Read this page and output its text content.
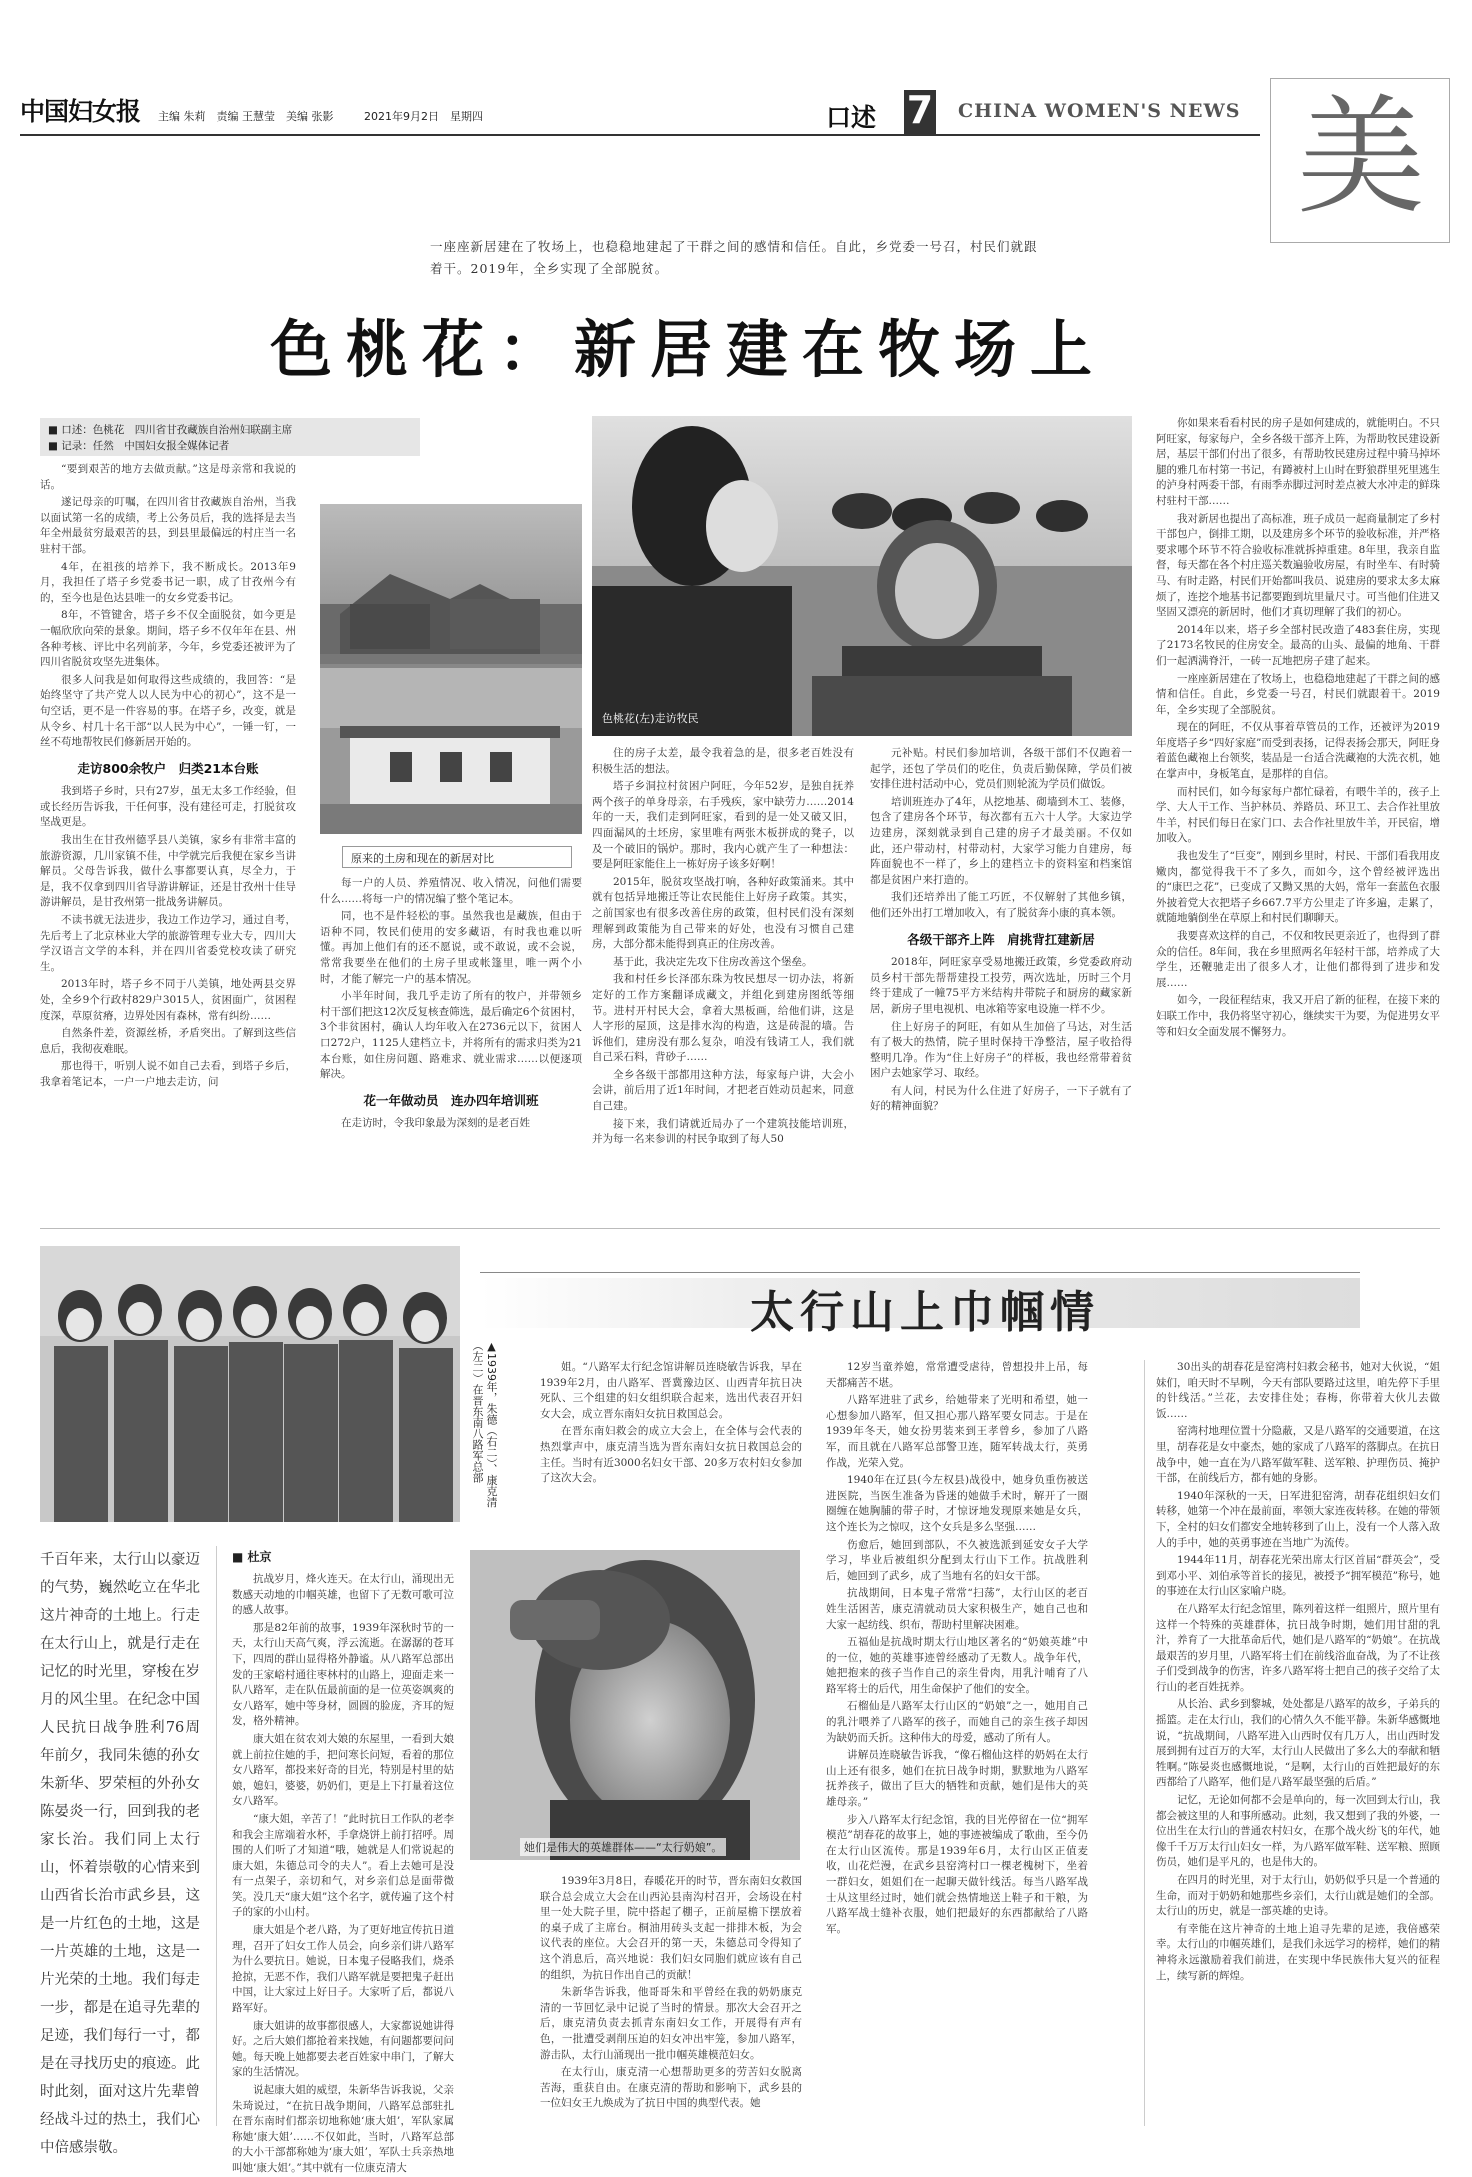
中国妇女报 主编 朱莉　责编 王慧莹　美编 张影	2021年9月2日　星期四	口述 7 CHINA WOMEN'S NEWS 美
一座座新居建在了牧场上，也稳稳地建起了干群之间的感情和信任。自此，乡党委一号召，村民们就跟着干。2019年，全乡实现了全部脱贫。
色桃花：新居建在牧场上
■ 口述：色桃花　四川省甘孜藏族自治州妇联副主席
■ 记录：任然　中国妇女报全媒体记者

“要到艰苦的地方去做贡献。”这是母亲常和我说的话。

遂记母亲的叮嘱，在四川省甘孜藏族自治州，当我以面试第一名的成绩，考上公务员后，我的选择是去当年全州最贫穷最艰苦的县，到县里最偏远的村庄当一名驻村干部。

4年，在祖孩的培养下，我不断成长。2013年9月，我担任了塔子乡党委书记一职，成了甘孜州今有的，至今也是色达县唯一的女乡党委书记。

8年，不管键舍，塔子乡不仅全面脱贫，如今更是一幅欣欣向荣的景象。期间，塔子乡不仅年年在县、州各种考核、评比中名列前茅，今年，乡党委还被评为了四川省脱贫攻坚先进集体。

很多人问我是如何取得这些成绩的，我回答：“是始终坚守了共产党人以人民为中心的初心”，这不是一句空话，更不是一件容易的事。在塔子乡，改变，就是从令乡、村几十名干部“以人民为中心”，一锤一钉，一丝不苟地帮牧民们修新居开始的。

走访800余牧户　归类21本台账

我到塔子乡时，只有27岁，虽无太多工作经验，但或长经历告诉我，干任何事，没有建径可走，打脱贫攻坚战更是。

我出生在甘孜州德孚县八美镇，家乡有非常丰富的旅游资源，几川家镇不佳，中学就完后我便在家乡当讲解员。父母告诉我，做什么事都要认真，尽全力，于是，我不仅拿到四川省导游讲解证，还是甘孜州十佳导游讲解员，是甘孜州第一批战务讲解员。

不读书就无法进步，我边工作边学习，通过自考，先后考上了北京林业大学的旅游管理专业大专，四川大学汉语言文学的本科，并在四川省委党校攻读了研究生。

2013年时，塔子乡不同于八美镇，地处两县交界处，全乡9个行政村829户3015人，贫困面广，贫困程度深，草原贫瘠，边界处因有森林，常有纠纷……

自然条件差，资源丝桥，矛盾突出。了解到这些信息后，我彻夜难眠。

那也得干，听别人说不如自己去看，到塔子乡后，我拿着笔记本，一户一户地去走访，问

原来的土房和现在的新居对比
色桃花(左)走访牧民

每一户的人员、养殖情况、收入情况，问他们需要什么……将每一户的情况编了整个笔记本。

同，也不是件轻松的事。虽然我也是藏族，但由于语种不同，牧民们使用的安多藏语，有时我也难以听懂。再加上他们有的还不愿说，或不敢说，或不会说，常常我要坐在他们的土房子里或帐篷里，唯一两个小时，才能了解完一户的基本情况。

小半年时间，我几乎走访了所有的牧户，并带领乡村干部们把这12次反复核查筛选，最后确定6个贫困村，3个非贫困村，确认人均年收入在2736元以下，贫困人口272户，1125人建档立卡，并将所有的需求归类为21本台账，如住房问题、路难求、就业需求……以便逐项解决。

花一年做动员　连办四年培训班

在走访时，令我印象最为深刻的是老百姓

住的房子太差，最令我着急的是，很多老百姓没有积极生活的想法。

塔子乡洞拉村贫困户阿旺，今年52岁，是独自抚养两个孩子的单身母亲，右手残疾，家中缺劳力……2014年的一天，我们走到阿旺家，看到的是一处又破又旧，四面漏风的土坯房，家里唯有两张木板拼成的凳子，以及一个破旧的锅炉。那时，我内心就产生了一种想法：要是阿旺家能住上一栋好房子该多好啊！

2015年，脱贫攻坚战打响，各种好政策涌来。其中就有包括异地搬迁等让农民能住上好房子政策。其实，之前国家也有很多改善住房的政策，但村民们没有深刻理解到政策能为自己带来的好处，也没有习惯自己建房，大部分都未能得到真正的住房改善。

基于此，我决定先攻下住房改善这个堡垒。

我和村任乡长泽邵东珠为牧民想尽一切办法，将新定好的工作方案翻译成藏文，并组化到建房图纸等细节。进村开村民大会，拿着大黑板画，给他们讲，这是人字形的屋顶，这是排水沟的构造，这是砖混的墙。告诉他们，建房没有那么复杂，咱没有钱请工人，我们就自己采石料，背砂子……

全乡各级干部都用这种方法，每家每户讲，大会小会讲，前后用了近1年时间，才把老百姓动员起来，同意自己建。

接下来，我们请就近局办了一个建筑技能培训班，并为每一名来参训的村民争取到了每人50

元补贴。村民们参加培训，各级干部们不仅跑着一起学，还包了学员们的吃住，负责后勤保障，学员们被安排住进村活动中心，党员们则轮流为学员们做饭。

培训班连办了4年，从挖地基、砌墙到木工、装修，包含了建房各个环节，每次都有五六十人学。大家边学边建房，深刻就录到自己建的房子才最美丽。不仅如此，还户带动村，村带动村，大家学习能力自建房，每阵面貌也不一样了，乡上的建档立卡的资料室和档案馆都是贫困户来打造的。

我们还培养出了能工巧匠，不仅解射了其他乡镇，他们还外出打工增加收入，有了脱贫奔小康的真本领。

各级干部齐上阵　肩挑背扛建新居

2018年，阿旺家享受易地搬迁政策，乡党委政府动员乡村干部先帮帮建投工投劳，两次选址，历时三个月终于建成了一幢75平方米结构井带院子和厨房的藏家新居，新房子里电视机、电冰箱等家电设施一样不少。

住上好房子的阿旺，有如从生加倍了马达，对生活有了极大的热情，院子里时保持干净整洁，屋子收拾得整明几净。作为“住上好房子”的样板，我也经常带着贫困户去她家学习、取经。

有人问，村民为什么住进了好房子，一下子就有了好的精神面貌？

你如果来看看村民的房子是如何建成的，就能明白。不只阿旺家，每家每户，全乡各级干部齐上阵，为帮助牧民建设新居，基层干部们付出了很多，有帮助牧民建房过程中骑马掉坏腿的雅几布村第一书记，有蹲被村上山时在野狼群里死里逃生的泸身村两委干部，有雨季赤脚过河时差点被大水冲走的鲜珠村驻村干部……

我对新居也提出了高标准，班子成员一起商量制定了乡村干部包户，倒排工期，以及建房多个环节的验收标准，并严格要求哪个环节不符合验收标准就拆掉重建。8年里，我亲自监督，每天都在各个村庄巡关数遍验收房屋，有时坐车、有时骑马、有时走路，村民们开始都叫我员、说建房的要求太多太麻烦了，连挖个地基书记都要跑到坑里量尺寸。可当他们住进又坚固又漂亮的新居时，他们才真切理解了我们的初心。

2014年以来，塔子乡全部村民改造了483套住房，实现了2173名牧民的住房安全。最高的山头、最偏的地角、干群们一起洒满脊汗，一砖一瓦地把房子建了起来。

一座座新居建在了牧场上，也稳稳地建起了干群之间的感情和信任。自此，乡党委一号召，村民们就跟着干。2019年，全乡实现了全部脱贫。

现在的阿旺，不仅从事着草管员的工作，还被评为2019年度塔子乡“四好家庭”而受到表扬，记得表扬会那天，阿旺身着蓝色藏袍上台领奖，装品是一台适合洗藏袍的大洗衣机，她在掌声中，身板笔直，是那样的自信。

而村民们，如今每家每户都忙碌着，有喂牛羊的，孩子上学、大人干工作、当护林员、养路员、环卫工、去合作社里放牛羊，村民们每日在家门口、去合作社里放牛羊，开民宿，增加收入。

我也发生了“巨变”，刚到乡里时，村民、干部们看我用皮嫩肉，都觉得我干不了多久，而如今，这个曾经被评选出的“康巴之花”，已变成了又黝又黑的大妈，常年一套蓝色衣服外披着党大衣把塔子乡667.7平方公里走了许多遍，走累了，就随地躺倒坐在草原上和村民们聊聊天。

我要喜欢这样的自己，不仅和牧民更亲近了，也得到了群众的信任。8年间，我在乡里照两名年轻村干部，培养成了大学生，还鞭驰走出了很多人才，让他们都得到了进步和发展……

如今，一段征程结束，我又开启了新的征程，在接下来的妇联工作中，我仍将坚守初心，继续实干为要，为促进男女平等和妇女全面发展不懈努力。

▲1939年，朱德（右二）、康克清（左二）在晋东南八路军总部
太行山上巾帼情
千百年来，太行山以豪迈的气势，巍然屹立在华北这片神奇的土地上。行走在太行山上，就是行走在记忆的时光里，穿梭在岁月的风尘里。在纪念中国人民抗日战争胜利76周年前夕，我同朱德的孙女朱新华、罗荣桓的外孙女陈晏炎一行，回到我的老家长治。我们同上太行山，怀着崇敬的心情来到山西省长治市武乡县，这是一片红色的土地，这是一片英雄的土地，这是一片光荣的土地。我们每走一步，都是在追寻先辈的足迹，我们每行一寸，都是在寻找历史的痕迹。此时此刻，面对这片先辈曾经战斗过的热土，我们心中倍感崇敬。
■ 杜京

抗战岁月，烽火连天。在太行山，涌现出无数感天动地的巾帼英雄，也留下了无数可歌可泣的感人故事。

那是82年前的故事，1939年深秋时节的一天，太行山天高气爽，浮云流逝。在潺潺的苍耳下，四周的群山显得格外静谧。从八路军总部出发的王家峪村通往枣林村的山路上，迎面走来一队八路军，走在队伍最前面的是一位英姿飒爽的女八路军，她中等身材，圆圆的脸庞，齐耳的短发，格外精神。

康大姐在贫农刘大娘的东屋里，一看到大娘就上前拉住她的手，把问寒长问短，看着的那位女八路军，都投来好奇的目光，特别是村里的姑娘，媳妇，婆婆，奶奶们，更是上下打量着这位女八路军。

“康大姐，辛苦了！”此时抗日工作队的老李和我会主席端着水杯，手拿烧饼上前打招呼。周围的人们听了才知道“哦，她就是人们常说起的康大姐，朱德总司令的夫人”。看上去她可是没有一点架子，亲切和气，对乡亲们总是面带微笑。没几天“康大姐”这个名字，就传遍了这个村子的家的小山村。

康大姐是个老八路，为了更好地宣传抗日道理，召开了妇女工作人员会，向乡亲们讲八路军为什么要抗日。她说，日本鬼子侵略我们，烧杀抢掠，无恶不作，我们八路军就是要把鬼子赶出中国，让大家过上好日子。大家听了后，都说八路军好。

康大姐讲的故事都很感人，大家都说她讲得好。之后大娘们都抢着来找她，有问题都要问问她。每天晚上她都要去老百姓家中串门，了解大家的生活情况。

说起康大姐的威望，朱新华告诉我说，父亲朱琦说过，“在抗日战争期间，八路军总部驻扎在晋东南时们都亲切地称她‘康大姐’，军队家属称她‘康大姐’……不仅如此，当时，八路军总部的大小干部都称她为‘康大姐’，军队士兵亲热地叫她‘康大姐’。”其中就有一位康克清大

姐。“八路军太行纪念馆讲解员连晓敏告诉我，早在1939年2月，由八路军、晋冀豫边区、山西青年抗日决死队、三个组建的妇女组织联合起来，选出代表召开妇女大会，成立晋东南妇女抗日救国总会。

在晋东南妇救会的成立大会上，在全体与会代表的热烈掌声中，康克清当选为晋东南妇女抗日救国总会的主任。当时有近3000名妇女干部、20多万农村妇女参加了这次大会。

她们是伟大的英雄群体——“太行奶娘”。

1939年3月8日，春暖花开的时节，晋东南妇女救国联合总会成立大会在山西沁县南沟村召开，会场设在村里一处大院子里，院中搭起了棚子，正前屋檐下摆放着的桌子成了主席台。桐油用砖头支起一排排木板，为会议代表的座位。大会召开的第一天，朱德总司令得知了这个消息后，高兴地说：我们妇女同胞们就应该有自己的组织，为抗日作出自己的贡献！

朱新华告诉我，他哥哥朱和平曾经在我的奶奶康克清的一节回忆录中记说了当时的情景。那次大会召开之后，康克清负责去抓青东南妇女工作，开展得有声有色，一批遭受剥削压迫的妇女冲出牢笼，参加八路军，游击队，太行山涌现出一批巾帼英雄模范妇女。

在太行山，康克清一心想帮助更多的劳苦妇女脱离苦海，重获自由。在康克清的帮助和影响下，武乡县的一位妇女王九焕成为了抗日中国的典型代表。她

12岁当童养媳，常常遭受虐待，曾想投井上吊，每天都痛苦不堪。

八路军进驻了武乡，给她带来了光明和希望，她一心想参加八路军，但又担心那八路军要女同志。于是在1939年冬天，她女扮男装来到王孝曾乡，参加了八路军，而且就在八路军总部警卫连，随军转战太行，英勇作战，光荣入党。

1940年在辽县(今左权县)战役中，她身负重伤被送进医院，当医生准备为昏迷的她做手术时，解开了一圈圈缠在她胸脯的带子时，才惊讶地发现原来她是女兵，这个连长为之惊叹，这个女兵是多么坚强……

伤愈后，她回到部队，不久被选派到延安女子大学学习，毕业后被组织分配到太行山下工作。抗战胜利后，她回到了武乡，成了当地有名的妇女干部。

抗战期间，日本鬼子常常“扫荡”，太行山区的老百姓生活困苦，康克清就动员大家积极生产，她自己也和大家一起纺线、织布，帮助村里解决困难。

五福仙是抗战时期太行山地区著名的“奶娘英雄”中的一位，她的英雄事迹曾经感动了无数人。战争年代，她把抱来的孩子当作自己的亲生骨肉，用乳汁哺育了八路军将士的后代，用生命保护了他们的安全。

石榴仙是八路军太行山区的“奶娘”之一，她用自己的乳汁喂养了八路军的孩子，而她自己的亲生孩子却因为缺奶而夭折。这种伟大的母爱，感动了所有人。

讲解员连晓敏告诉我，“像石榴仙这样的奶妈在太行山上还有很多，她们在抗日战争时期，默默地为八路军抚养孩子，做出了巨大的牺牲和贡献，她们是伟大的英雄母亲。”

步入八路军太行纪念馆，我的目光停留在一位“拥军模范”胡春花的故事上，她的事迹被编成了歌曲，至今仍在太行山区流传。那是1939年6月，太行山区正值麦收，山花烂漫，在武乡县窑湾村口一棵老槐树下，坐着一群妇女，姐姐们在一起聊天做针线活。每当八路军战士从这里经过时，她们就会热情地送上鞋子和干粮，为八路军战士缝补衣服，她们把最好的东西都献给了八路军。

30出头的胡春花是窑湾村妇救会秘书，她对大伙说，“姐妹们，咱天时不早咧，今天有部队要路过这里，咱先停下手里的针线活。”兰花，去安排住处；春梅，你带着大伙儿去做饭……

窑湾村地理位置十分隐蔽，又是八路军的交通要道，在这里，胡春花是女中豪杰，她的家成了八路军的落脚点。在抗日战争中，她一直在为八路军做军鞋、送军粮、护理伤员、掩护干部，在前线后方，都有她的身影。

1940年深秋的一天，日军进犯窑湾，胡春花组织妇女们转移，她第一个冲在最前面，率领大家连夜转移。在她的带领下，全村的妇女们都安全地转移到了山上，没有一个人落入敌人的手中，她的英勇事迹在当地广为流传。

1944年11月，胡春花光荣出席太行区首届“群英会”，受到邓小平、刘伯承等首长的接见，被授予“拥军模范”称号，她的事迹在太行山区家喻户晓。

在八路军太行纪念馆里，陈列着这样一组照片，照片里有这样一个特殊的英雄群体，抗日战争时期，她们用甘甜的乳汁，养育了一大批革命后代，她们是八路军的“奶娘”。在抗战最艰苦的岁月里，八路军将士们在前线浴血奋战，为了不让孩子们受到战争的伤害，许多八路军将士把自己的孩子交给了太行山的老百姓抚养。

从长治、武乡到黎城，处处都是八路军的故乡，子弟兵的摇篮。走在太行山，我们的心情久久不能平静。朱新华感慨地说，“抗战期间，八路军进入山西时仅有几万人，出山西时发展到拥有过百万的大军，太行山人民做出了多么大的奉献和牺牲啊。”陈晏炎也感慨地说，“是啊，太行山的百姓把最好的东西都给了八路军，他们是八路军最坚强的后盾。”

记忆，无论如何都不会是单向的，每一次回到太行山，我都会被这里的人和事所感动。此刻，我又想到了我的外婆，一位出生在太行山的普通农村妇女，在那个战火纷飞的年代，她像千千万万太行山妇女一样，为八路军做军鞋、送军粮、照顾伤员，她们是平凡的，也是伟大的。

在四月的时光里，对于太行山，奶奶似乎只是一个普通的生命，而对于奶奶和她那些乡亲们，太行山就是她们的全部。太行山的历史，就是一部英雄的史诗。

有幸能在这片神奇的土地上追寻先辈的足迹，我倍感荣幸。太行山的巾帼英雄们，是我们永远学习的榜样，她们的精神将永远激励着我们前进，在实现中华民族伟大复兴的征程上，续写新的辉煌。
